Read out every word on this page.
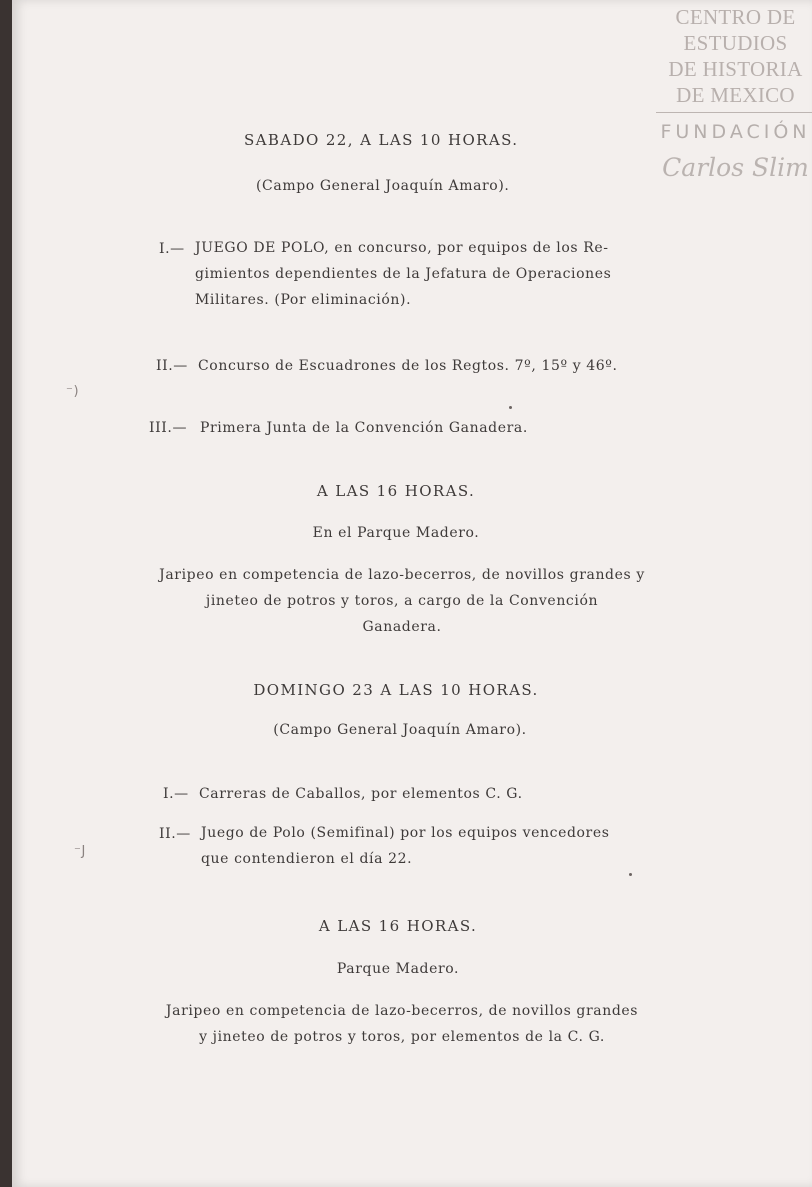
CENTRO DE
ESTUDIOS
DE HISTORIA
DE MEXICO
FUNDACIÓN
Carlos Slim
SABADO 22, A LAS 10 HORAS.
(Campo General Joaquín Amaro).
I.— JUEGO DE POLO, en concurso, por equipos de los Re-
gimientos dependientes de la Jefatura de Operaciones
Militares. (Por eliminación).
II.— Concurso de Escuadrones de los Regtos. 7º, 15º y 46º.
III.— Primera Junta de la Convención Ganadera.
A LAS 16 HORAS.
En el Parque Madero.
Jaripeo en competencia de lazo-becerros, de novillos grandes y
jineteo de potros y toros, a cargo de la Convención
Ganadera.
DOMINGO 23 A LAS 10 HORAS.
(Campo General Joaquín Amaro).
I.— Carreras de Caballos, por elementos C. G.
II.— Juego de Polo (Semifinal) por los equipos vencedores
que contendieron el día 22.
A LAS 16 HORAS.
Parque Madero.
Jaripeo en competencia de lazo-becerros, de novillos grandes
y jineteo de potros y toros, por elementos de la C. G.
⁻)
⁻J
